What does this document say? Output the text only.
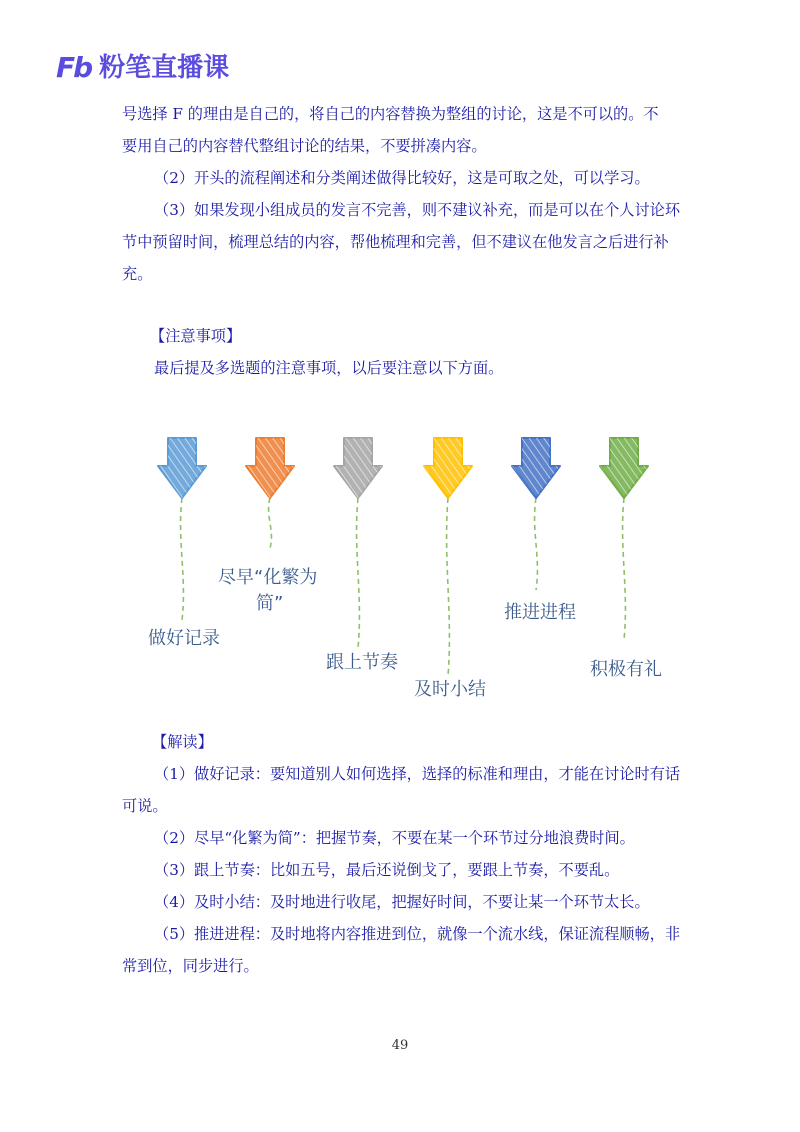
Fb 粉笔直播课

号选择 F 的理由是自己的，将自己的内容替换为整组的讨论，这是不可以的。不

要用自己的内容替代整组讨论的结果，不要拼凑内容。

（2）开头的流程阐述和分类阐述做得比较好，这是可取之处，可以学习。

（3）如果发现小组成员的发言不完善，则不建议补充，而是可以在个人讨论环节中预留时间，梳理总结的内容，帮他梳理和完善，但不建议在他发言之后进行补充。

【注意事项】

最后提及多选题的注意事项，以后要注意以下方面。

做好记录
尽早“化繁为
简”
跟上节奏
及时小结
推进进程
积极有礼

【解读】

（1）做好记录：要知道别人如何选择，选择的标准和理由，才能在讨论时有话可说。

（2）尽早“化繁为简”：把握节奏，不要在某一个环节过分地浪费时间。

（3）跟上节奏：比如五号，最后还说倒戈了，要跟上节奏，不要乱。

（4）及时小结：及时地进行收尾，把握好时间，不要让某一个环节太长。

（5）推进进程：及时地将内容推进到位，就像一个流水线，保证流程顺畅，非常到位，同步进行。

49
